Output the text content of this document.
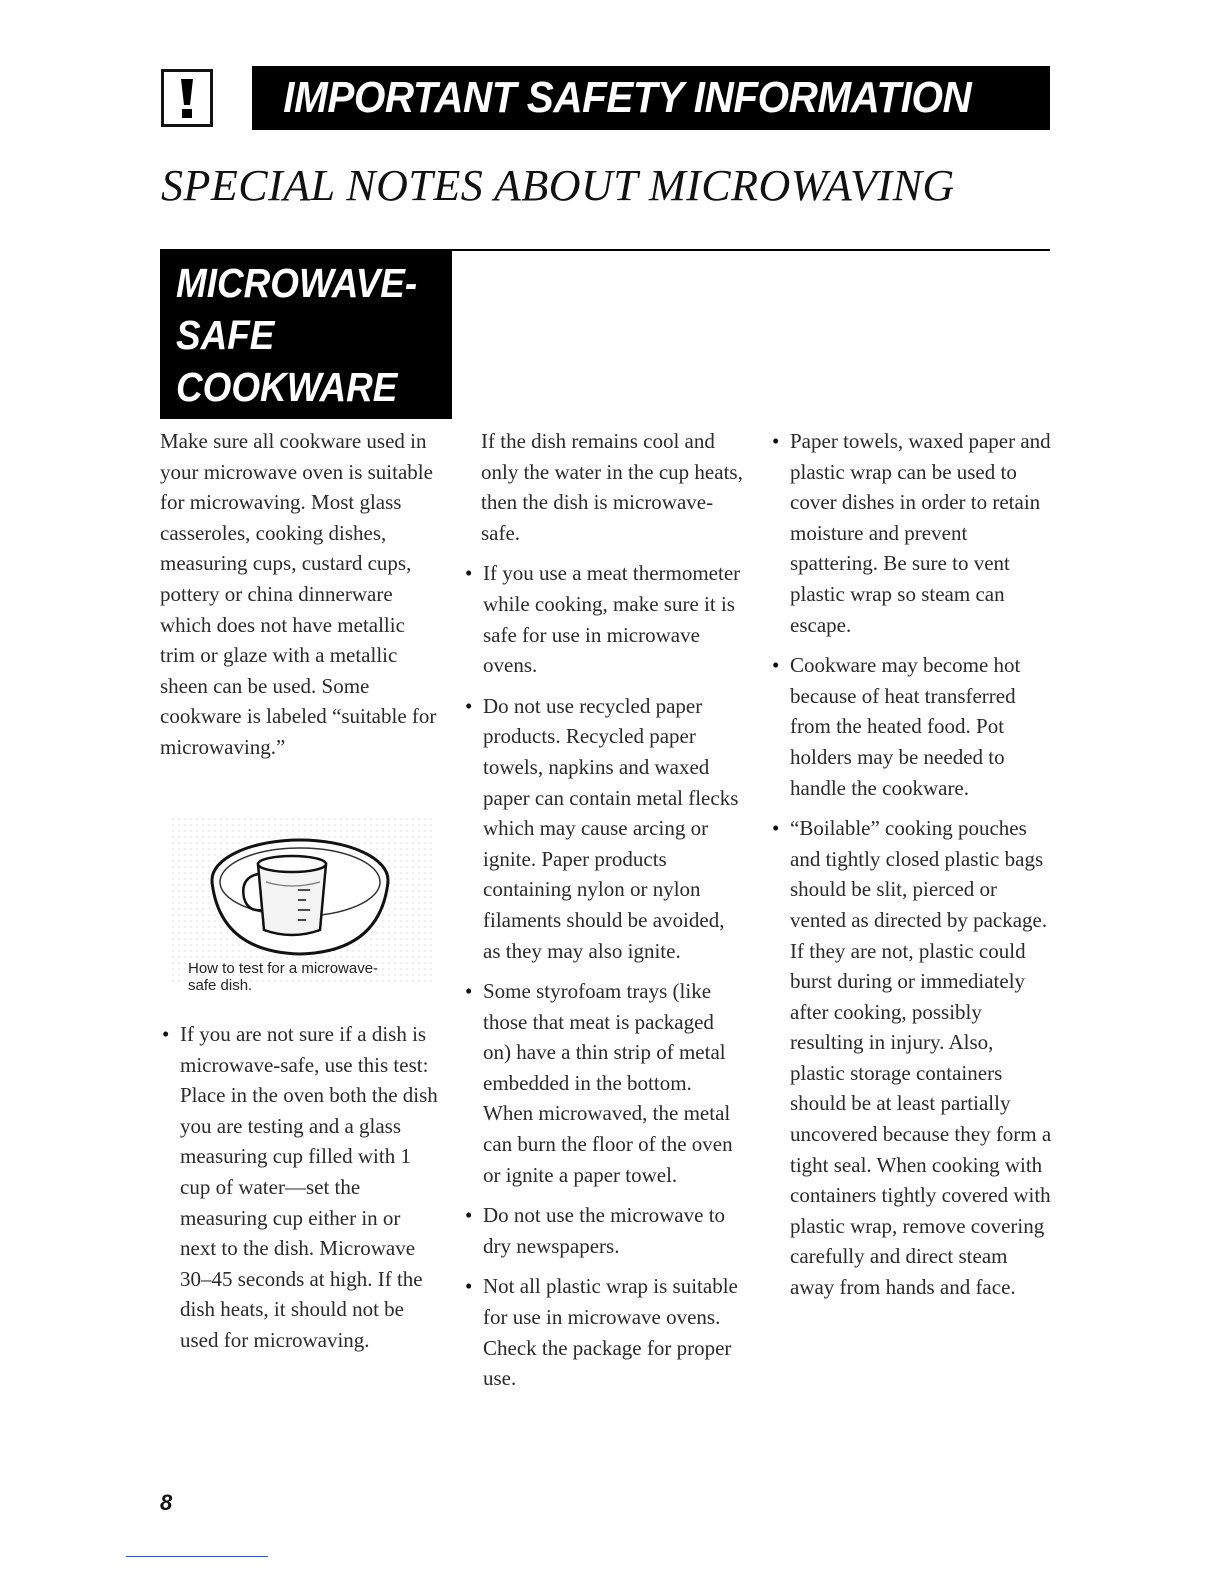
IMPORTANT SAFETY INFORMATION
SPECIAL NOTES ABOUT MICROWAVING
MICROWAVE-
SAFE
COOKWARE

Make sure all cookware used in your microwave oven is suitable for microwaving. Most glass casseroles, cooking dishes, measuring cups, custard cups, pottery or china dinnerware which does not have metallic trim or glaze with a metallic sheen can be used. Some cookware is labeled “suitable for microwaving.”

How to test for a microwave-safe dish.

• If you are not sure if a dish is microwave-safe, use this test: Place in the oven both the dish you are testing and a glass measuring cup filled with 1 cup of water—set the measuring cup either in or next to the dish. Microwave 30–45 seconds at high. If the dish heats, it should not be used for microwaving.

If the dish remains cool and only the water in the cup heats, then the dish is microwave-safe.

• If you use a meat thermometer while cooking, make sure it is safe for use in microwave ovens.

• Do not use recycled paper products. Recycled paper towels, napkins and waxed paper can contain metal flecks which may cause arcing or ignite. Paper products containing nylon or nylon filaments should be avoided, as they may also ignite.

• Some styrofoam trays (like those that meat is packaged on) have a thin strip of metal embedded in the bottom. When microwaved, the metal can burn the floor of the oven or ignite a paper towel.

• Do not use the microwave to dry newspapers.

• Not all plastic wrap is suitable for use in microwave ovens. Check the package for proper use.

• Paper towels, waxed paper and plastic wrap can be used to cover dishes in order to retain moisture and prevent spattering. Be sure to vent plastic wrap so steam can escape.

• Cookware may become hot because of heat transferred from the heated food. Pot holders may be needed to handle the cookware.

• “Boilable” cooking pouches and tightly closed plastic bags should be slit, pierced or vented as directed by package. If they are not, plastic could burst during or immediately after cooking, possibly resulting in injury. Also, plastic storage containers should be at least partially uncovered because they form a tight seal. When cooking with containers tightly covered with plastic wrap, remove covering carefully and direct steam away from hands and face.

8
